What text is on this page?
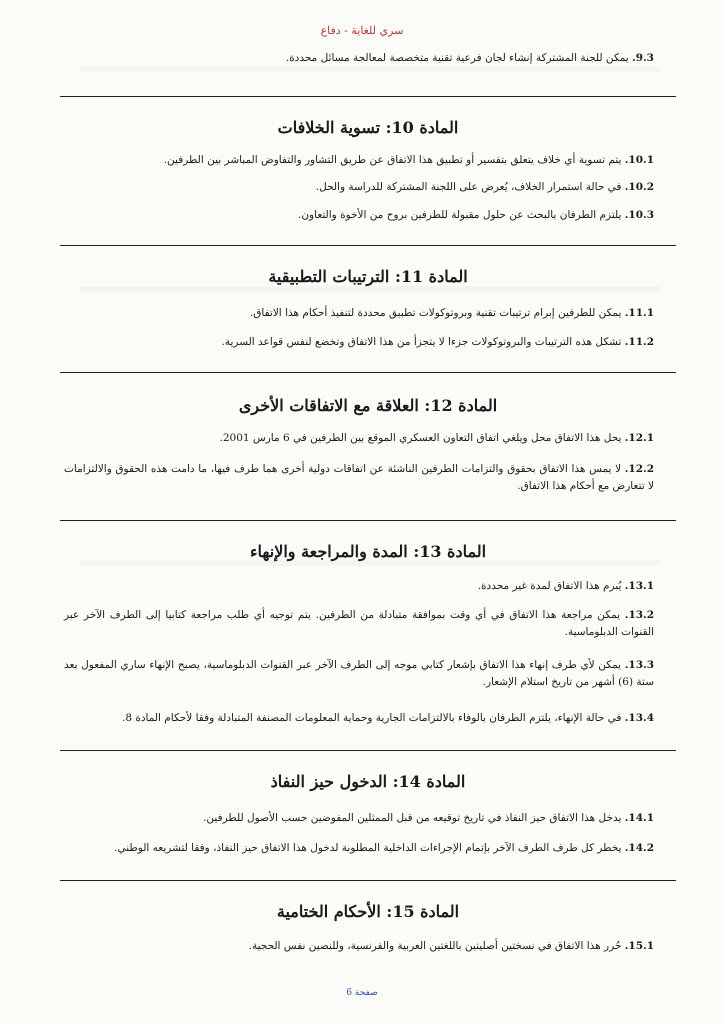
سري للغاية - دفاع
9.3. يمكن للجنة المشتركة إنشاء لجان فرعية تقنية متخصصة لمعالجة مسائل محددة.
المادة 10: تسوية الخلافات
10.1. يتم تسوية أي خلاف يتعلق بتفسير أو تطبيق هذا الاتفاق عن طريق التشاور والتفاوض المباشر بين الطرفين.
10.2. في حالة استمرار الخلاف، يُعرض على اللجنة المشتركة للدراسة والحل.
10.3. يلتزم الطرفان بالبحث عن حلول مقبولة للطرفين بروح من الأخوة والتعاون.
المادة 11: الترتيبات التطبيقية
11.1. يمكن للطرفين إبرام ترتيبات تقنية وبروتوكولات تطبيق محددة لتنفيذ أحكام هذا الاتفاق.
11.2. تشكل هذه الترتيبات والبروتوكولات جزءا لا يتجزأ من هذا الاتفاق وتخضع لنفس قواعد السرية.
المادة 12: العلاقة مع الاتفاقات الأخرى
12.1. يحل هذا الاتفاق محل ويلغي اتفاق التعاون العسكري الموقع بين الطرفين في 6 مارس 2001.
12.2. لا يمس هذا الاتفاق بحقوق والتزامات الطرفين الناشئة عن اتفاقات دولية أخرى هما طرف فيها، ما دامت هذه الحقوق والالتزامات لا تتعارض مع أحكام هذا الاتفاق.
المادة 13: المدة والمراجعة والإنهاء
13.1. يُبرم هذا الاتفاق لمدة غير محددة.
13.2. يمكن مراجعة هذا الاتفاق في أي وقت بموافقة متبادلة من الطرفين. يتم توجيه أي طلب مراجعة كتابيا إلى الطرف الآخر عبر القنوات الدبلوماسية.
13.3. يمكن لأي طرف إنهاء هذا الاتفاق بإشعار كتابي موجه إلى الطرف الآخر عبر القنوات الدبلوماسية، يصبح الإنهاء ساري المفعول بعد ستة (6) أشهر من تاريخ استلام الإشعار.
13.4. في حالة الإنهاء، يلتزم الطرفان بالوفاء بالالتزامات الجارية وحماية المعلومات المصنفة المتبادلة وفقا لأحكام المادة 8.
المادة 14: الدخول حيز النفاذ
14.1. يدخل هذا الاتفاق حيز النفاذ في تاريخ توقيعه من قبل الممثلين المفوضين حسب الأصول للطرفين.
14.2. يخطر كل طرف الطرف الآخر بإتمام الإجراءات الداخلية المطلوبة لدخول هذا الاتفاق حيز النفاذ، وفقا لتشريعه الوطني.
المادة 15: الأحكام الختامية
15.1. حُرر هذا الاتفاق في نسختين أصليتين باللغتين العربية والفرنسية، وللنصين نفس الحجية.
صفحة 6
